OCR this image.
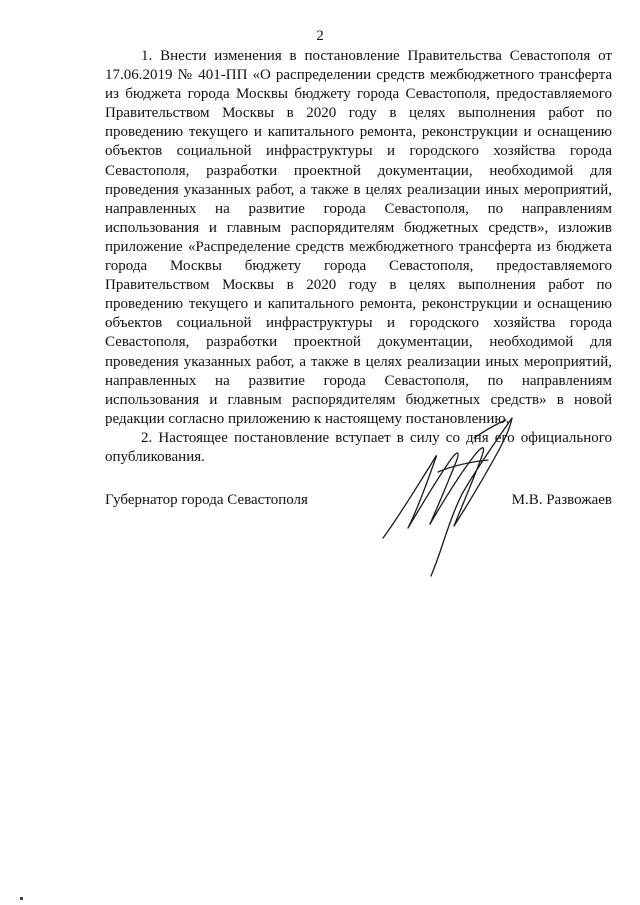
2

1. Внести изменения в постановление Правительства Севастополя от 17.06.2019 № 401-ПП «О распределении средств межбюджетного трансферта из бюджета города Москвы бюджету города Севастополя, предоставляемого Правительством Москвы в 2020 году в целях выполнения работ по проведению текущего и капитального ремонта, реконструкции и оснащению объектов социальной инфраструктуры и городского хозяйства города Севастополя, разработки проектной документации, необходимой для проведения указанных работ, а также в целях реализации иных мероприятий, направленных на развитие города Севастополя, по направлениям использования и главным распорядителям бюджетных средств», изложив приложение «Распределение средств межбюджетного трансферта из бюджета города Москвы бюджету города Севастополя, предоставляемого Правительством Москвы в 2020 году в целях выполнения работ по проведению текущего и капитального ремонта, реконструкции и оснащению объектов социальной инфраструктуры и городского хозяйства города Севастополя, разработки проектной документации, необходимой для проведения указанных работ, а также в целях реализации иных мероприятий, направленных на развитие города Севастополя, по направлениям использования и главным распорядителям бюджетных средств» в новой редакции согласно приложению к настоящему постановлению.

2. Настоящее постановление вступает в силу со дня его официального опубликования.

Губернатор города Севастополя	М.В. Развожаев
